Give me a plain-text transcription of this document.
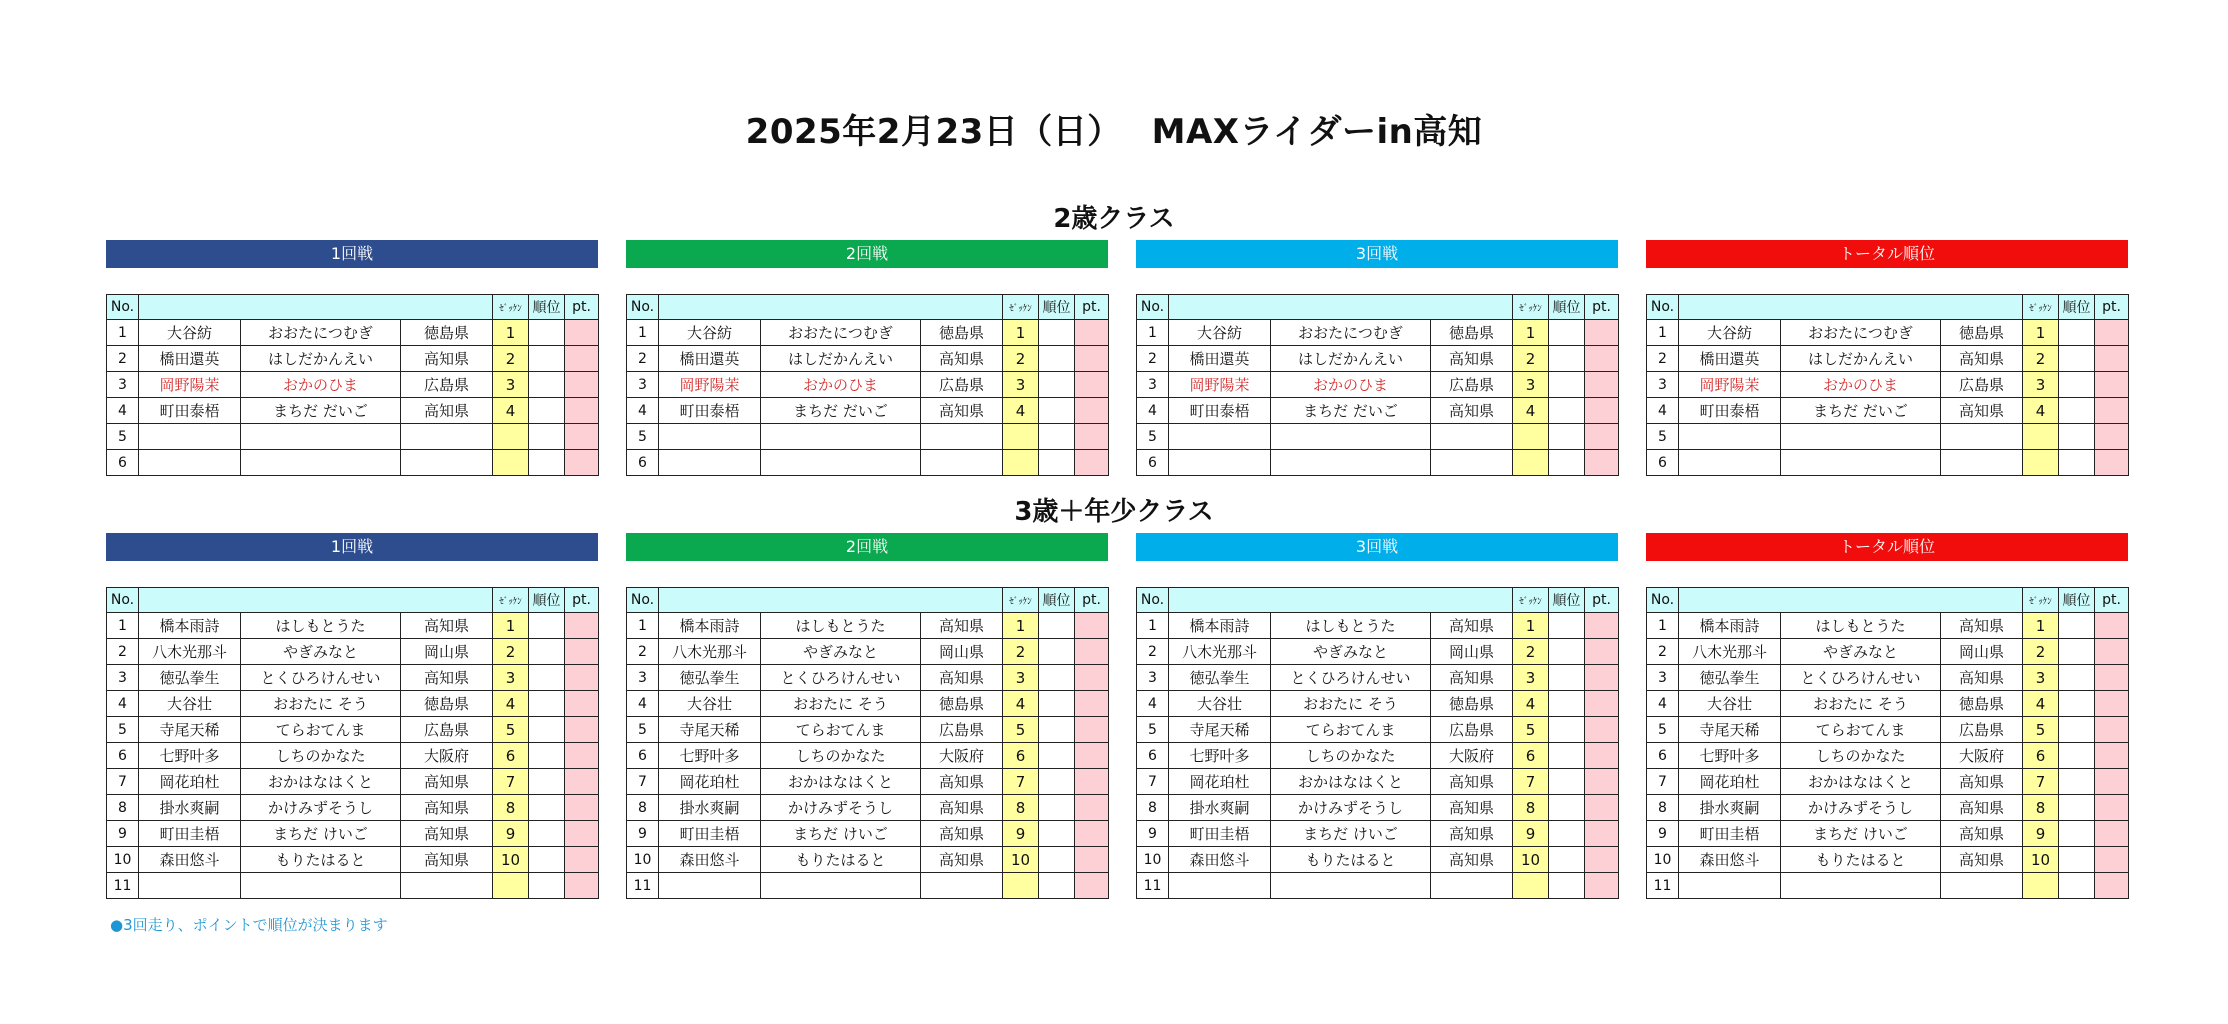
2025年2月23日（日）　 MAXライダーin高知
No.				ｾﾞｯｹﾝ	順位	pt.
1	大谷紡	おおたにつむぎ	徳島県	1		
2	橋田還英	はしだかんえい	高知県	2		
3	岡野陽茉	おかのひま	広島県	3		
4	町田泰梧	まちだ だいご	高知県	4		
5						
6						
No.				ｾﾞｯｹﾝ	順位	pt.
1	大谷紡	おおたにつむぎ	徳島県	1		
2	橋田還英	はしだかんえい	高知県	2		
3	岡野陽茉	おかのひま	広島県	3		
4	町田泰梧	まちだ だいご	高知県	4		
5						
6						
No.				ｾﾞｯｹﾝ	順位	pt.
1	大谷紡	おおたにつむぎ	徳島県	1		
2	橋田還英	はしだかんえい	高知県	2		
3	岡野陽茉	おかのひま	広島県	3		
4	町田泰梧	まちだ だいご	高知県	4		
5						
6						
No.				ｾﾞｯｹﾝ	順位	pt.
1	大谷紡	おおたにつむぎ	徳島県	1		
2	橋田還英	はしだかんえい	高知県	2		
3	岡野陽茉	おかのひま	広島県	3		
4	町田泰梧	まちだ だいご	高知県	4		
5						
6						
No.				ｾﾞｯｹﾝ	順位	pt.
1	橋本雨詩	はしもとうた	高知県	1		
2	八木光那斗	やぎみなと	岡山県	2		
3	徳弘拳生	とくひろけんせい	高知県	3		
4	大谷壮	おおたに そう	徳島県	4		
5	寺尾天稀	てらおてんま	広島県	5		
6	七野叶多	しちのかなた	大阪府	6		
7	岡花珀杜	おかはなはくと	高知県	7		
8	掛水爽嗣	かけみずそうし	高知県	8		
9	町田圭梧	まちだ けいご	高知県	9		
10	森田悠斗	もりたはると	高知県	10		
11						
No.				ｾﾞｯｹﾝ	順位	pt.
1	橋本雨詩	はしもとうた	高知県	1		
2	八木光那斗	やぎみなと	岡山県	2		
3	徳弘拳生	とくひろけんせい	高知県	3		
4	大谷壮	おおたに そう	徳島県	4		
5	寺尾天稀	てらおてんま	広島県	5		
6	七野叶多	しちのかなた	大阪府	6		
7	岡花珀杜	おかはなはくと	高知県	7		
8	掛水爽嗣	かけみずそうし	高知県	8		
9	町田圭梧	まちだ けいご	高知県	9		
10	森田悠斗	もりたはると	高知県	10		
11						
No.				ｾﾞｯｹﾝ	順位	pt.
1	橋本雨詩	はしもとうた	高知県	1		
2	八木光那斗	やぎみなと	岡山県	2		
3	徳弘拳生	とくひろけんせい	高知県	3		
4	大谷壮	おおたに そう	徳島県	4		
5	寺尾天稀	てらおてんま	広島県	5		
6	七野叶多	しちのかなた	大阪府	6		
7	岡花珀杜	おかはなはくと	高知県	7		
8	掛水爽嗣	かけみずそうし	高知県	8		
9	町田圭梧	まちだ けいご	高知県	9		
10	森田悠斗	もりたはると	高知県	10		
11						
No.				ｾﾞｯｹﾝ	順位	pt.
1	橋本雨詩	はしもとうた	高知県	1		
2	八木光那斗	やぎみなと	岡山県	2		
3	徳弘拳生	とくひろけんせい	高知県	3		
4	大谷壮	おおたに そう	徳島県	4		
5	寺尾天稀	てらおてんま	広島県	5		
6	七野叶多	しちのかなた	大阪府	6		
7	岡花珀杜	おかはなはくと	高知県	7		
8	掛水爽嗣	かけみずそうし	高知県	8		
9	町田圭梧	まちだ けいご	高知県	9		
10	森田悠斗	もりたはると	高知県	10		
11						
●3回走り、ポイントで順位が決まります
2歳クラス
1回戦	2回戦	3回戦	トータル順位
3歳＋年少クラス
1回戦	2回戦	3回戦	トータル順位
